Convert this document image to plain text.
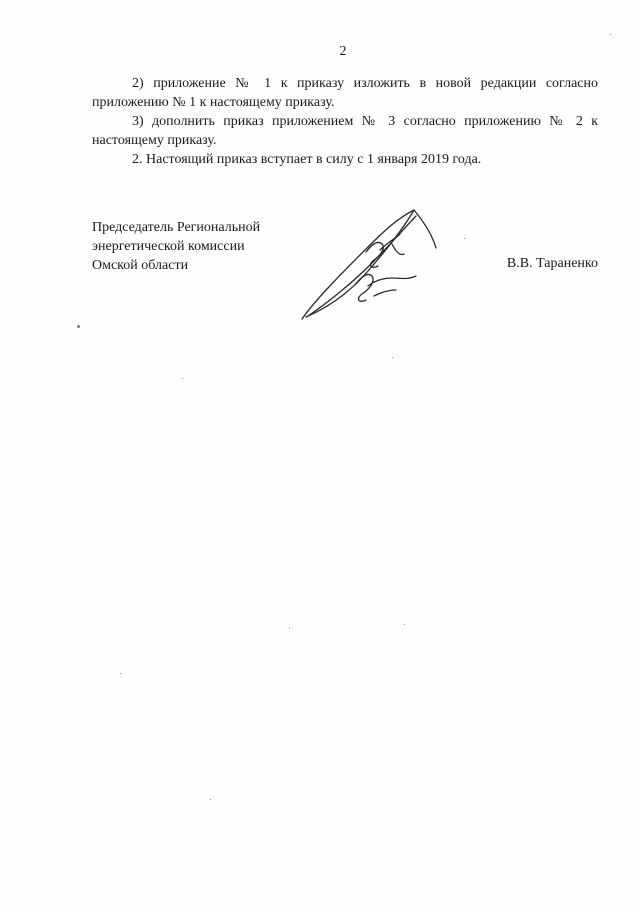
2

2) приложение № 1 к приказу изложить в новой редакции согласно приложению № 1 к настоящему приказу.

3) дополнить приказ приложением № 3 согласно приложению № 2 к настоящему приказу.

2. Настоящий приказ вступает в силу с 1 января 2019 года.

Председатель Региональной
энергетической комиссии
Омской области	В.В. Тараненко
